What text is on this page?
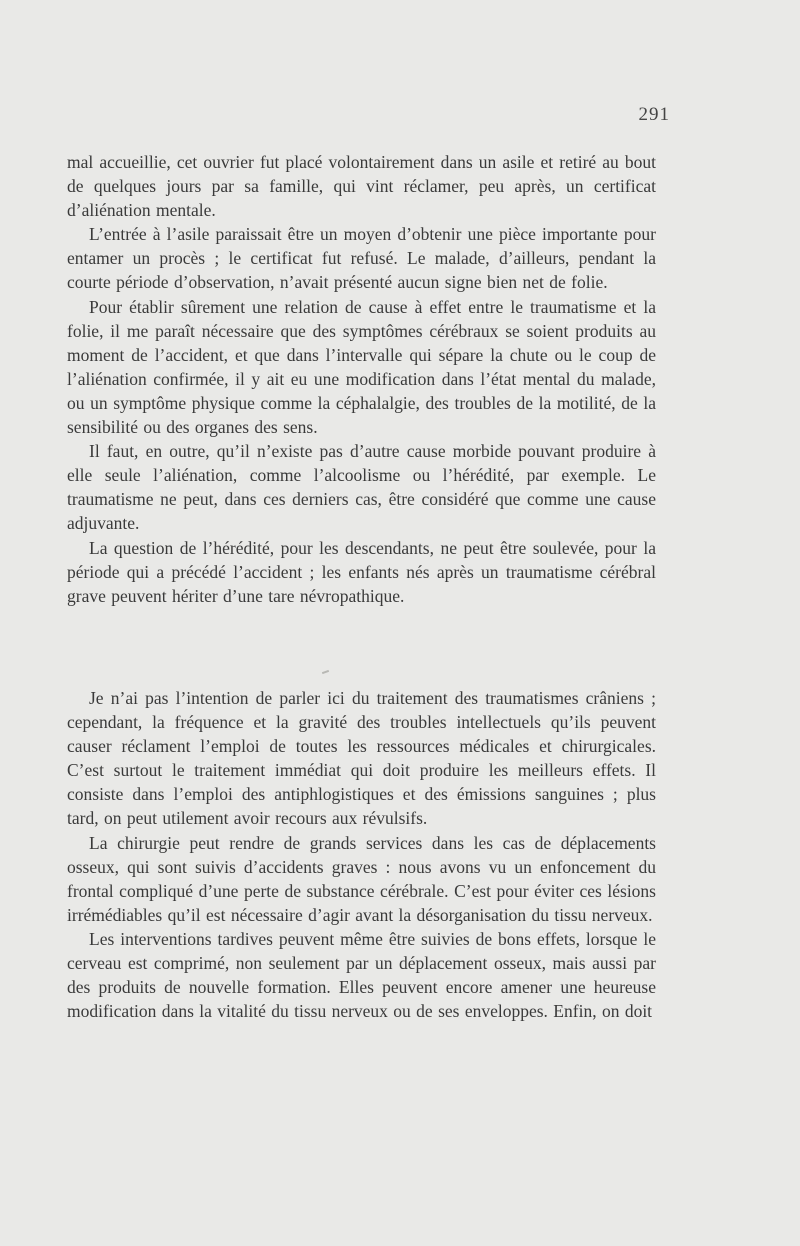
291

mal accueillie, cet ouvrier fut placé volontairement dans un asile et retiré au bout de quelques jours par sa famille, qui vint réclamer, peu après, un certificat d’aliénation mentale.

L’entrée à l’asile paraissait être un moyen d’obtenir une pièce importante pour entamer un procès ; le certificat fut refusé. Le malade, d’ailleurs, pendant la courte période d’observation, n’avait présenté aucun signe bien net de folie.

Pour établir sûrement une relation de cause à effet entre le traumatisme et la folie, il me paraît nécessaire que des symptômes cérébraux se soient produits au moment de l’accident, et que dans l’intervalle qui sépare la chute ou le coup de l’aliénation confirmée, il y ait eu une modification dans l’état mental du malade, ou un symptôme physique comme la céphalalgie, des troubles de la motilité, de la sensibilité ou des organes des sens.

Il faut, en outre, qu’il n’existe pas d’autre cause morbide pouvant produire à elle seule l’aliénation, comme l’alcoolisme ou l’hérédité, par exemple. Le traumatisme ne peut, dans ces derniers cas, être considéré que comme une cause adjuvante.

La question de l’hérédité, pour les descendants, ne peut être soulevée, pour la période qui a précédé l’accident ; les enfants nés après un traumatisme cérébral grave peuvent hériter d’une tare névropathique.

Je n’ai pas l’intention de parler ici du traitement des traumatismes crâniens ; cependant, la fréquence et la gravité des troubles intellectuels qu’ils peuvent causer réclament l’emploi de toutes les ressources médicales et chirurgicales. C’est surtout le traitement immédiat qui doit produire les meilleurs effets. Il consiste dans l’emploi des antiphlogistiques et des émissions sanguines ; plus tard, on peut utilement avoir recours aux révulsifs.

La chirurgie peut rendre de grands services dans les cas de déplacements osseux, qui sont suivis d’accidents graves : nous avons vu un enfoncement du frontal compliqué d’une perte de substance cérébrale. C’est pour éviter ces lésions irrémédiables qu’il est nécessaire d’agir avant la désorganisation du tissu nerveux.

Les interventions tardives peuvent même être suivies de bons effets, lorsque le cerveau est comprimé, non seulement par un déplacement osseux, mais aussi par des produits de nouvelle formation. Elles peuvent encore amener une heureuse modification dans la vitalité du tissu nerveux ou de ses enveloppes. Enfin, on doit
